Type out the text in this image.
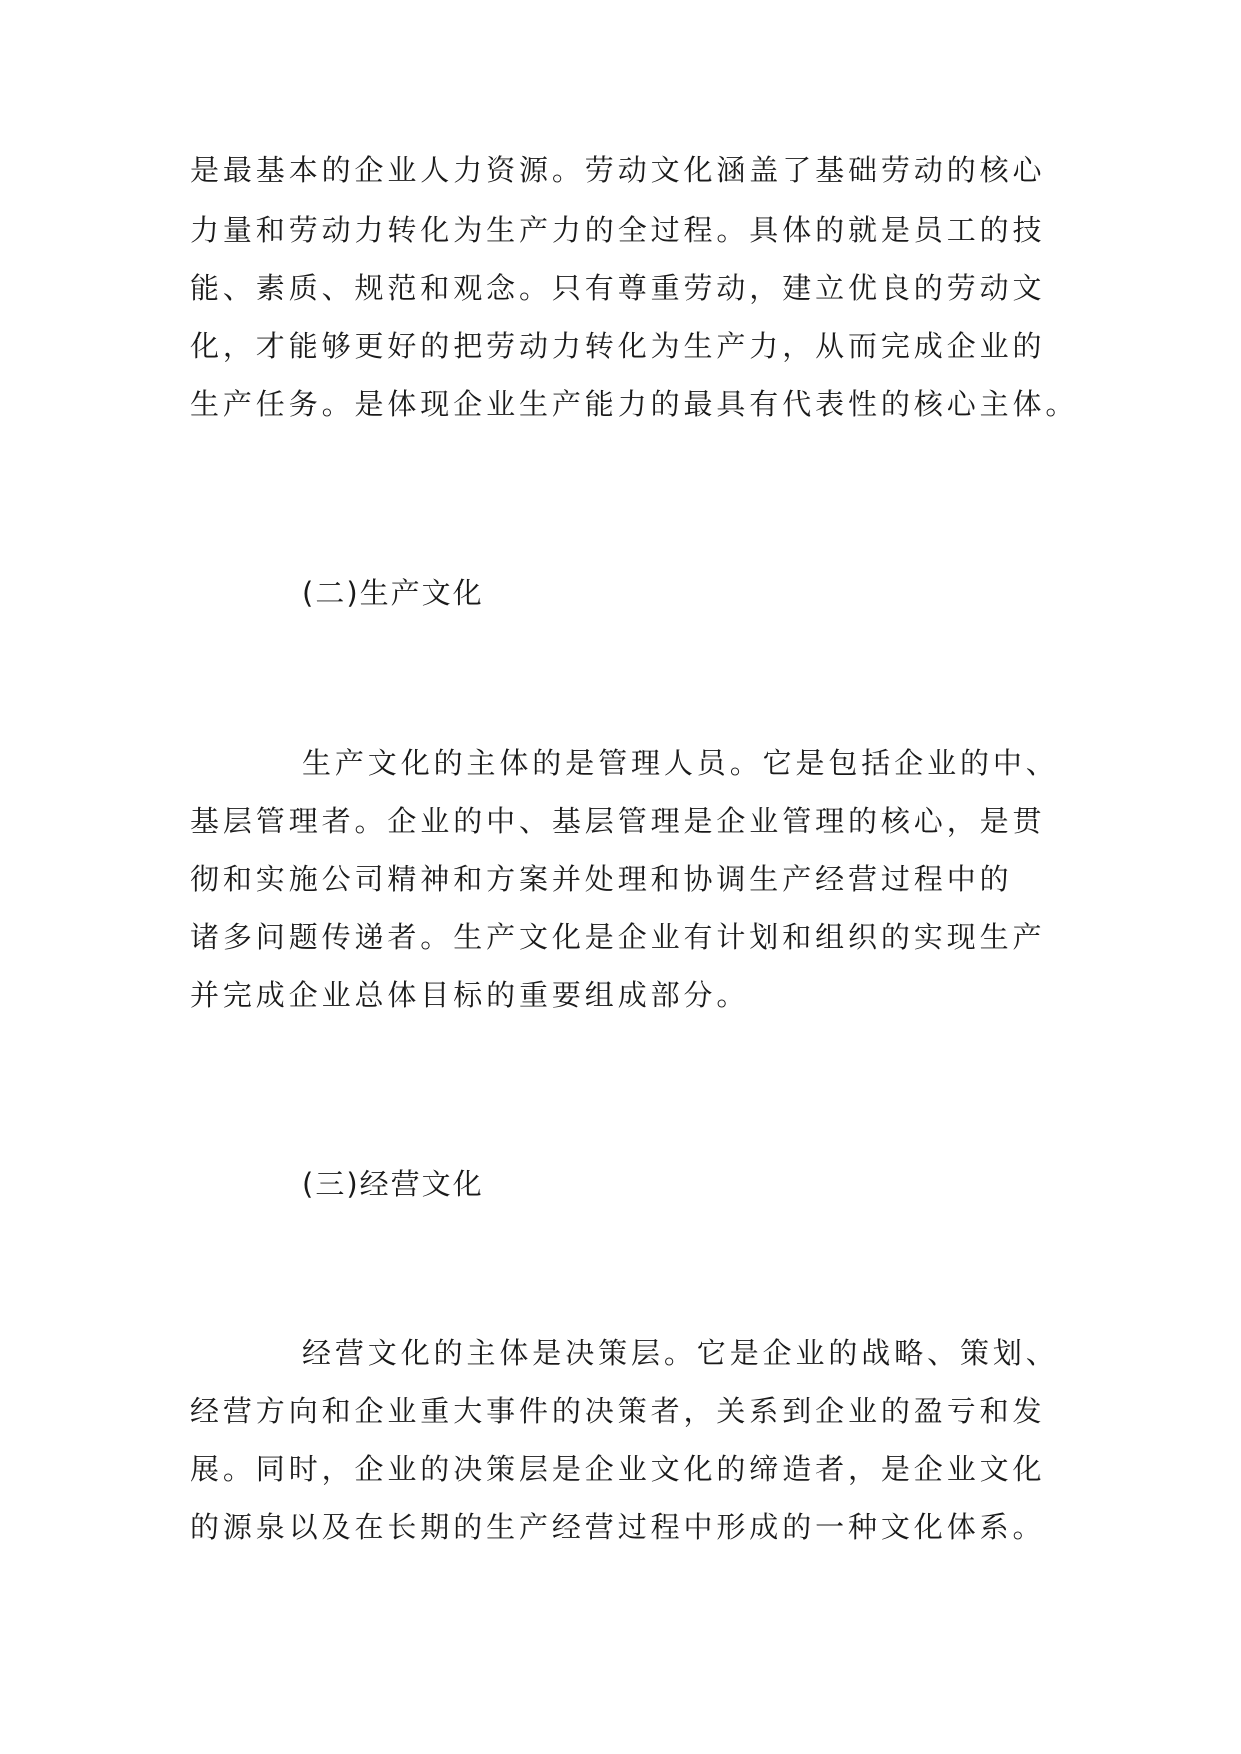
是最基本的企业人力资源。劳动文化涵盖了基础劳动的核心
力量和劳动力转化为生产力的全过程。具体的就是员工的技
能、素质、规范和观念。只有尊重劳动，建立优良的劳动文
化，才能够更好的把劳动力转化为生产力，从而完成企业的
生产任务。是体现企业生产能力的最具有代表性的核心主体。
(二)生产文化
生产文化的主体的是管理人员。它是包括企业的中、
基层管理者。企业的中、基层管理是企业管理的核心，是贯
彻和实施公司精神和方案并处理和协调生产经营过程中的
诸多问题传递者。生产文化是企业有计划和组织的实现生产
并完成企业总体目标的重要组成部分。
(三)经营文化
经营文化的主体是决策层。它是企业的战略、策划、
经营方向和企业重大事件的决策者，关系到企业的盈亏和发
展。同时，企业的决策层是企业文化的缔造者，是企业文化
的源泉以及在长期的生产经营过程中形成的一种文化体系。
